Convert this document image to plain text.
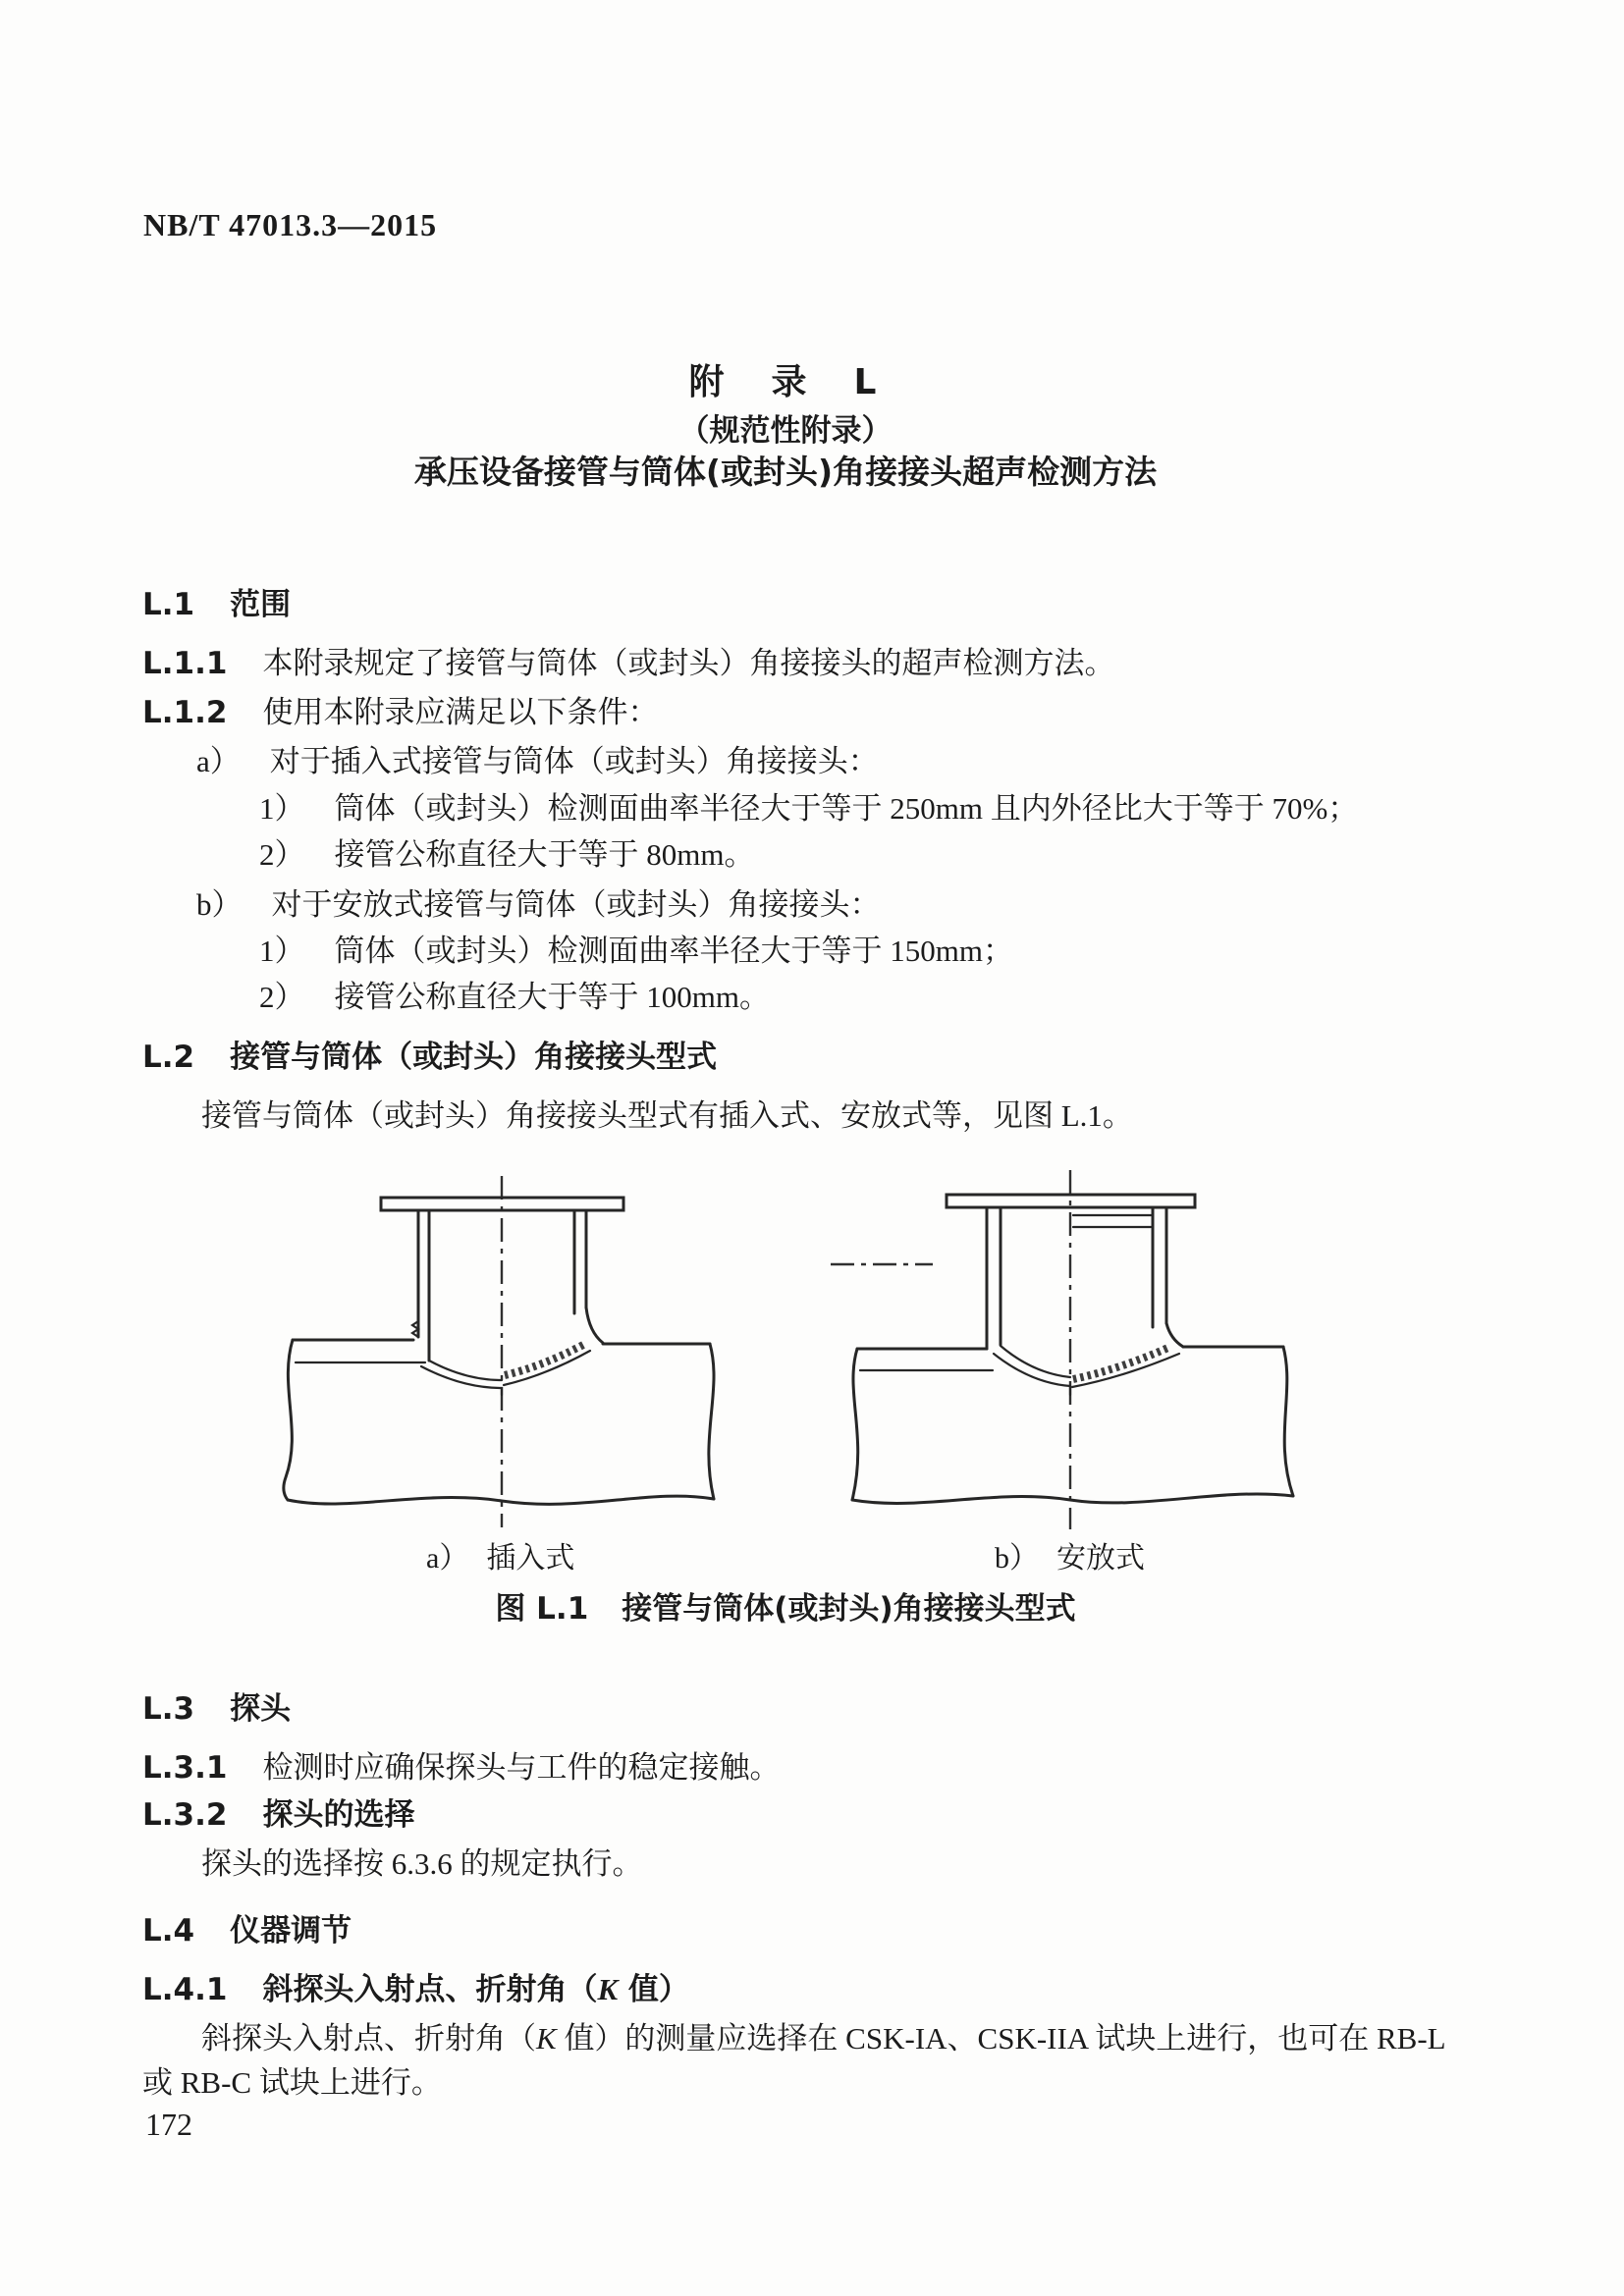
NB/T 47013.3—2015
附　录　L
（规范性附录）
承压设备接管与筒体(或封头)角接接头超声检测方法
L.1 范围
L.1.1 本附录规定了接管与筒体（或封头）角接接头的超声检测方法。
L.1.2 使用本附录应满足以下条件：
a） 对于插入式接管与筒体（或封头）角接接头：
1） 筒体（或封头）检测面曲率半径大于等于 250mm 且内外径比大于等于 70%；
2） 接管公称直径大于等于 80mm。
b） 对于安放式接管与筒体（或封头）角接接头：
1） 筒体（或封头）检测面曲率半径大于等于 150mm；
2） 接管公称直径大于等于 100mm。
L.2 接管与筒体（或封头）角接接头型式
接管与筒体（或封头）角接接头型式有插入式、安放式等，见图 L.1。
a） 插入式	b） 安放式
图 L.1 接管与筒体(或封头)角接接头型式
L.3 探头
L.3.1 检测时应确保探头与工件的稳定接触。
L.3.2 探头的选择
探头的选择按 6.3.6 的规定执行。
L.4 仪器调节
L.4.1 斜探头入射点、折射角（K 值）
斜探头入射点、折射角（K 值）的测量应选择在 CSK-IA、CSK-IIA 试块上进行，也可在 RB-L
或 RB-C 试块上进行。
172
